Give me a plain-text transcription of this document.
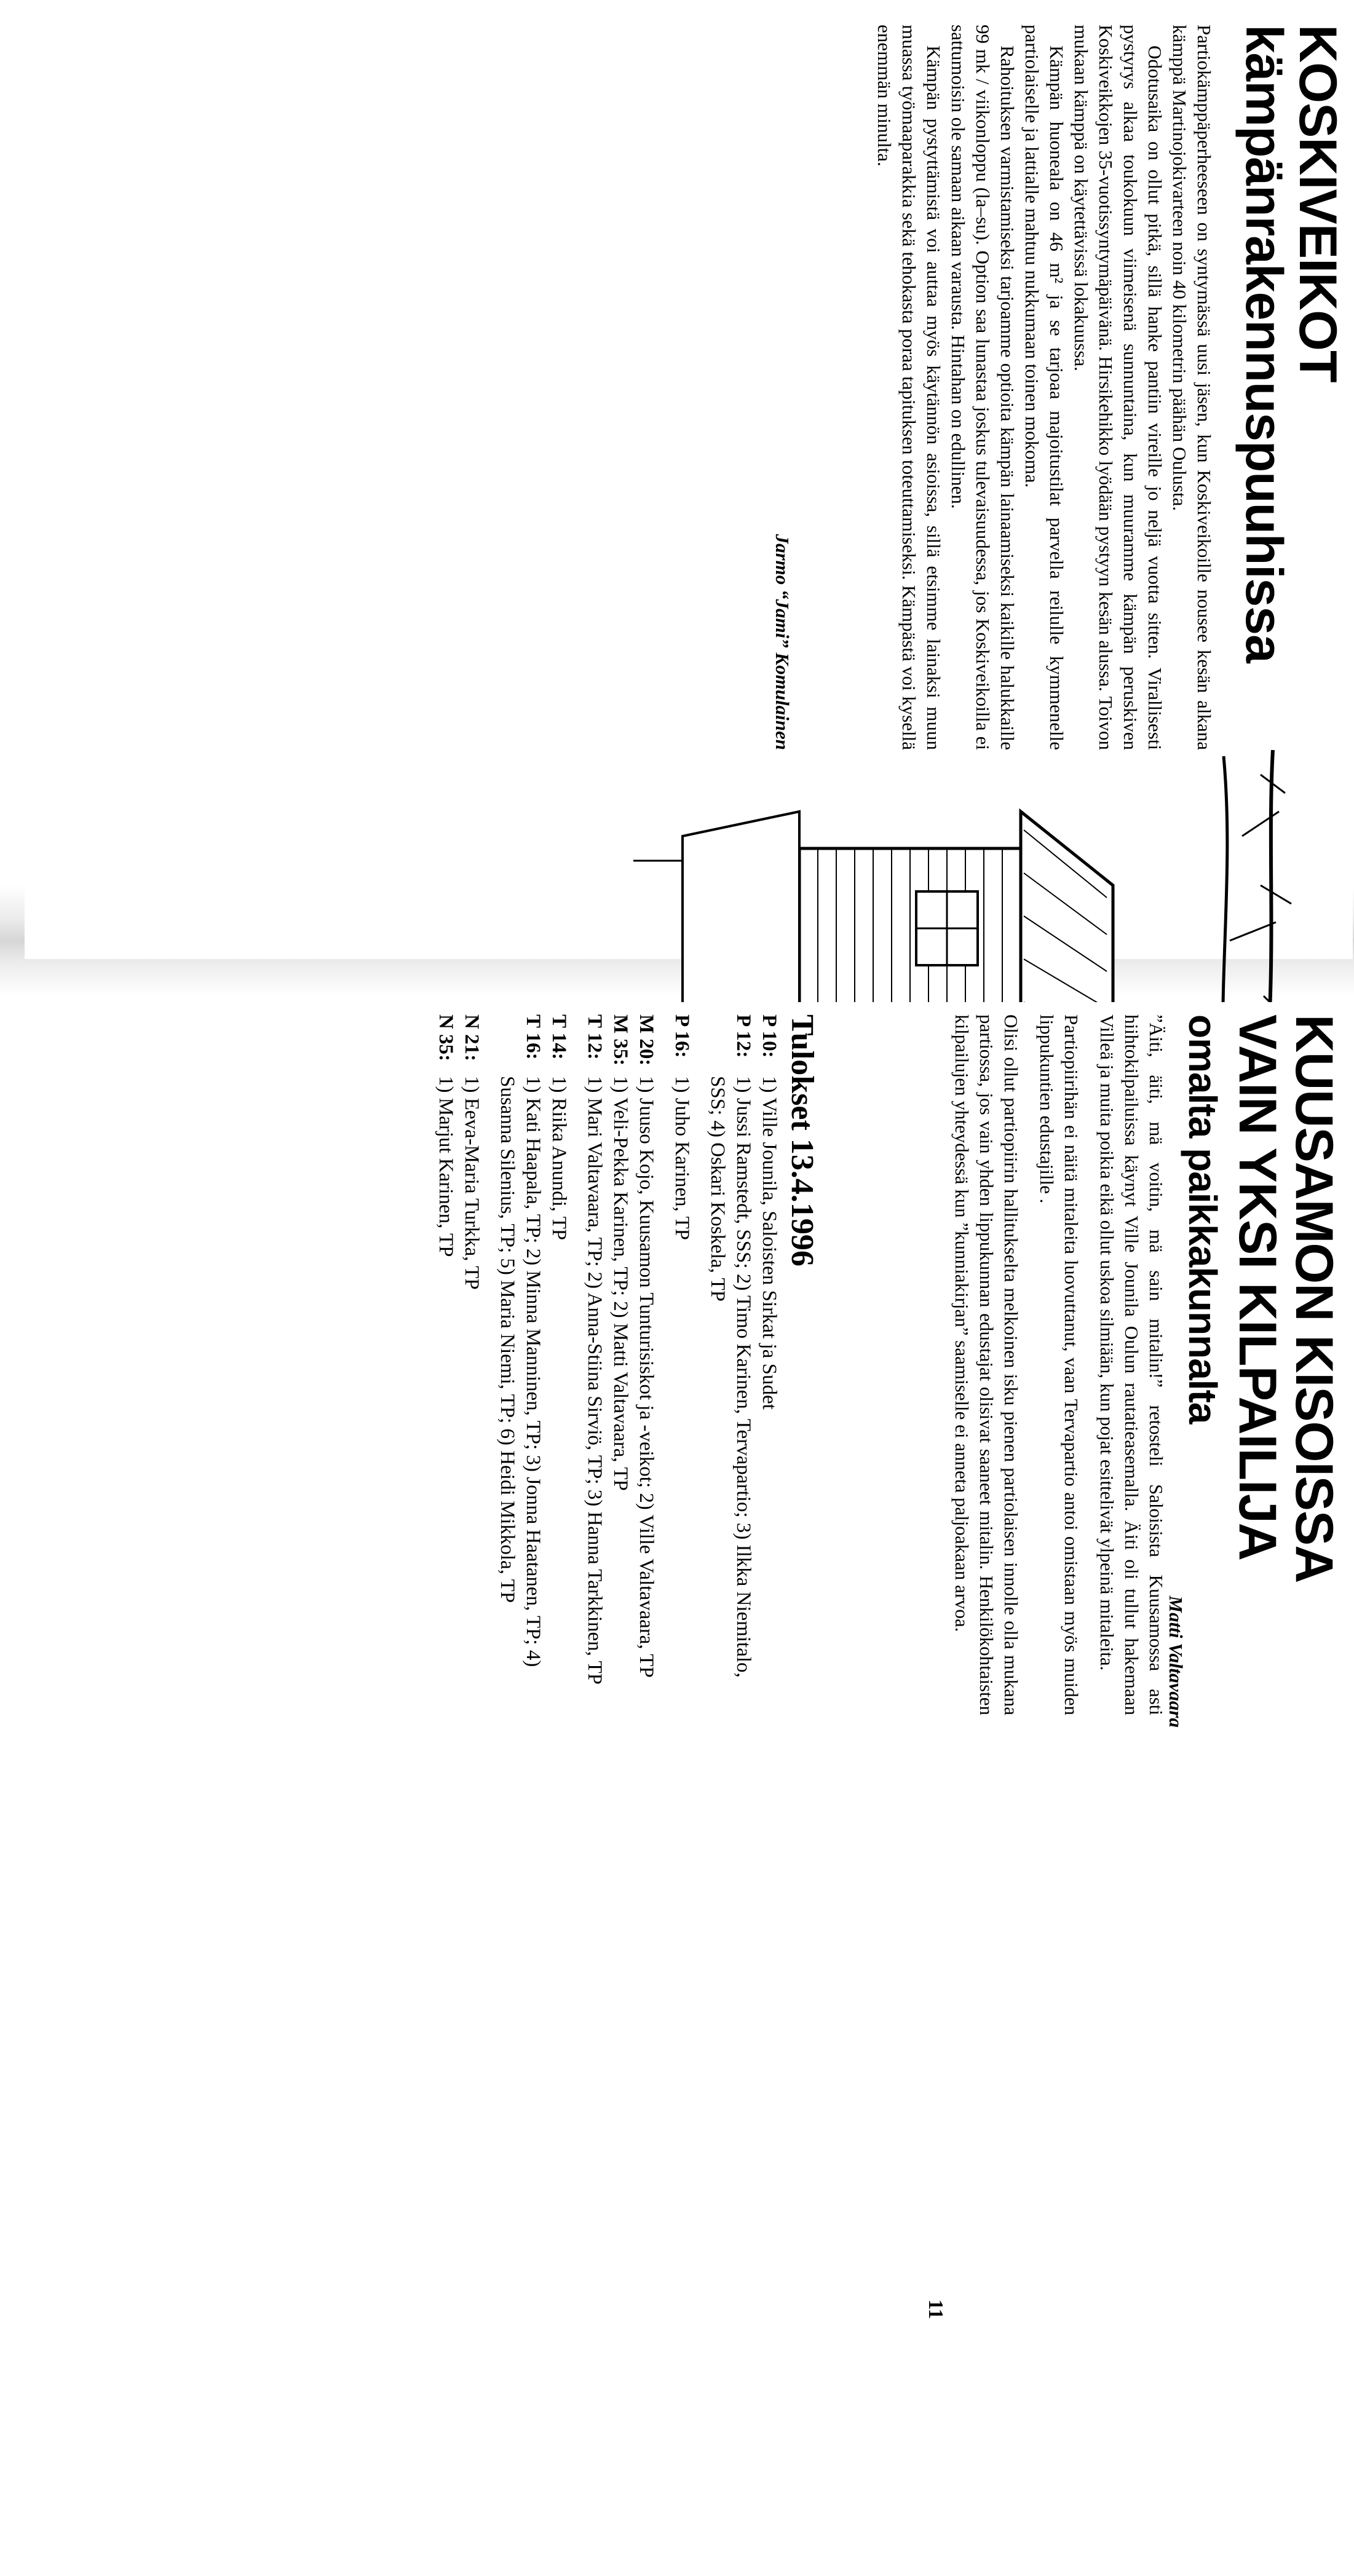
KOSKIVEIKOT
kämpänrakennuspuuhissa

Partiokämppäperheeseen on syntymässä uusi jäsen, kun Koskiveikoille nousee kesän alkana kämppä Martinojokivarteen noin 40 kilometrin päähän Oulusta.

Odotusaika on ollut pitkä, sillä hanke pantiin vireille jo neljä vuotta sitten. Virallisesti pystyrys alkaa toukokuun viimeisenä sunnuntaina, kun muuramme kämpän peruskiven Koskiveikkojen 35-vuotissyntymäpäivänä. Hirsikehikko lyödään pystyyn kesän alussa. Toivon mukaan kämppä on käytettävissä lokakuussa.

Kämpän huoneala on 46 m² ja se tarjoaa majoitustilat parvella reilulle kymmenelle partiolaiselle ja lattialle mahtuu nukkumaan toinen mokoma.

Rahoituksen varmistamiseksi tarjoamme optioita kämpän lainaamiseksi kaikille halukkaille 99 mk / viikonloppu (la–su). Option saa lunastaa joskus tulevaisuudessa, jos Koskiveikoilla ei sattumoisin ole samaan aikaan varausta. Hintahan on edullinen.

Kämpän pystyttämistä voi auttaa myös käytännön asioissa, sillä etsimme lainaksi muun muassa työmaaparakkia sekä tehokasta poraa tapituksen toteuttamiseksi. Kämpästä voi kysellä enemmän minulta.

Jarmo “Jami” Komulainen
KUUSAMON KISOISSA
VAIN YKSI KILPAILIJA
omalta paikkakunnalta
Matti Valtavaara

”Äiti, äiti, mä voitin, mä sain mitalin!” retosteli Saloisista Kuusamossa asti hiihtokilpailuissa käynyt Ville Jounila Oulun rautatieasemalla. Äiti oli tullut hakemaan Villeä ja muita poikia eikä ollut uskoa silmiään, kun pojat esittelivät ylpeinä mitaleita.

Partiopiirihän ei näitä mitaleita luovuttanut, vaan Tervapartio antoi omistaan myös muiden lippukuntien edustajille .

Olisi ollut partiopiirin hallitukselta melkoinen isku pienen partiolaisen innolle olla mukana partiossa, jos vain yhden lippukunnan edustajat olisivat saaneet mitalin. Henkilökohtaisten kilpailujen yhteydessä kun ”kunniakirjan” saamiselle ei anneta paljoakaan arvoa.

Tulokset 13.4.1996
P 10:
1) Ville Jounila, Saloisten Sirkat ja Sudet
P 12:
1) Jussi Ramstedt, SSS; 2) Timo Karinen, Tervapartio; 3) Ilkka Niemitalo, SSS; 4) Oskari Koskela, TP
P 16:
1) Juho Karinen, TP
M 20:
1) Juuso Kojo, Kuusamon Tunturisiskot ja -veikot; 2) Ville Valtavaara, TP
M 35:
1) Veli-Pekka Karinen, TP; 2) Matti Valtavaara, TP
T 12:
1) Mari Valtavaara, TP; 2) Anna-Stiina Sirviö, TP; 3) Hanna Tarkkinen, TP
T 14:
1) Riika Anundi, TP
T 16:
1) Kati Haapala, TP; 2) Minna Manninen, TP; 3) Jonna Haatanen, TP; 4) Susanna Silenius, TP; 5) Maria Niemi, TP; 6) Heidi Mikkola, TP
N 21:
1) Eeva-Maria Turkka, TP
N 35:
1) Marjut Karinen, TP
11
